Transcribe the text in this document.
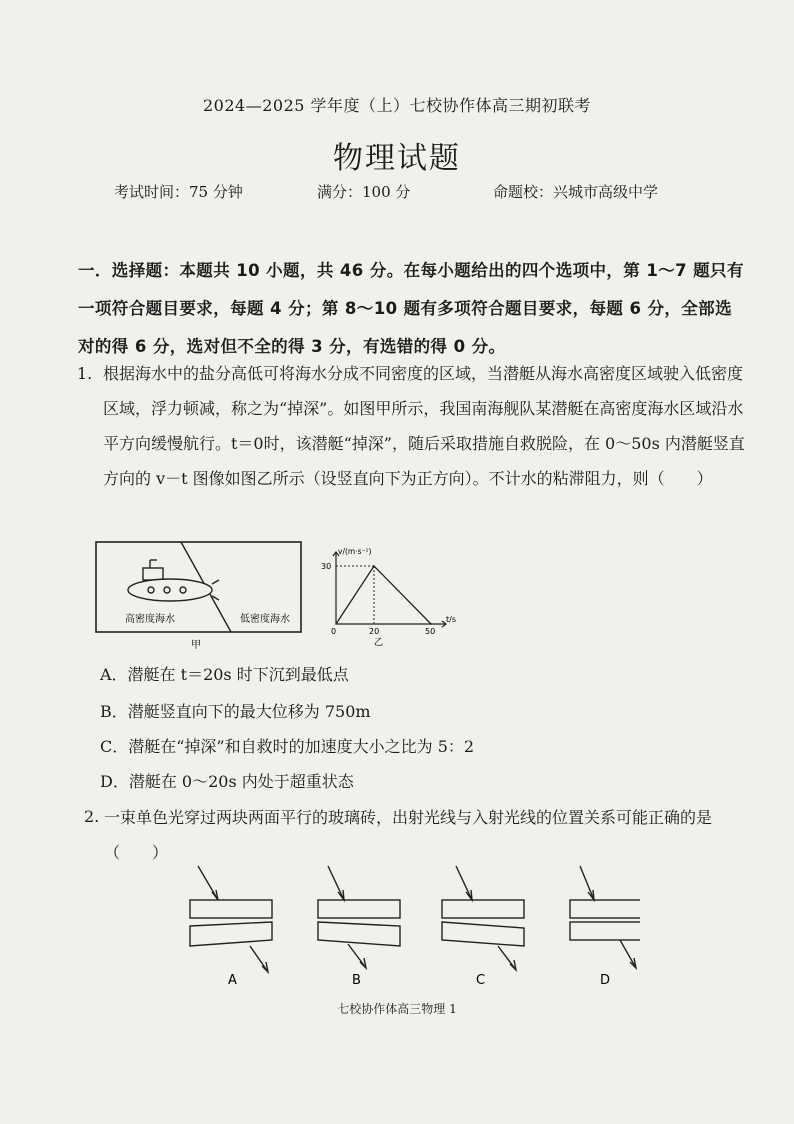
2024—2025 学年度（上）七校协作体高三期初联考
物理试题
考试时间：75 分钟	满分：100 分	命题校：兴城市高级中学
一．选择题：本题共 10 小题，共 46 分。在每小题给出的四个选项中，第 1～7 题只有一项符合题目要求，每题 4 分；第 8～10 题有多项符合题目要求，每题 6 分，全部选对的得 6 分，选对但不全的得 3 分，有选错的得 0 分。
1. 根据海水中的盐分高低可将海水分成不同密度的区域，当潜艇从海水高密度区域驶入低密度区域，浮力顿减，称之为“掉深”。如图甲所示，我国南海舰队某潜艇在高密度海水区域沿水平方向缓慢航行。t＝0时，该潜艇“掉深”，随后采取措施自救脱险，在 0～50s 内潜艇竖直方向的 v－t 图像如图乙所示（设竖直向下为正方向）。不计水的粘滞阻力，则（　　）
高密度海水	低密度海水
甲
v/(m·s⁻¹)
t/s
30
0	20	50
乙
A．潜艇在 t＝20s 时下沉到最低点
B．潜艇竖直向下的最大位移为 750m
C．潜艇在“掉深”和自救时的加速度大小之比为 5：2
D．潜艇在 0～20s 内处于超重状态
2. 一束单色光穿过两块两面平行的玻璃砖，出射光线与入射光线的位置关系可能正确的是（　　）
A	B	C	D
七校协作体高三物理 1
